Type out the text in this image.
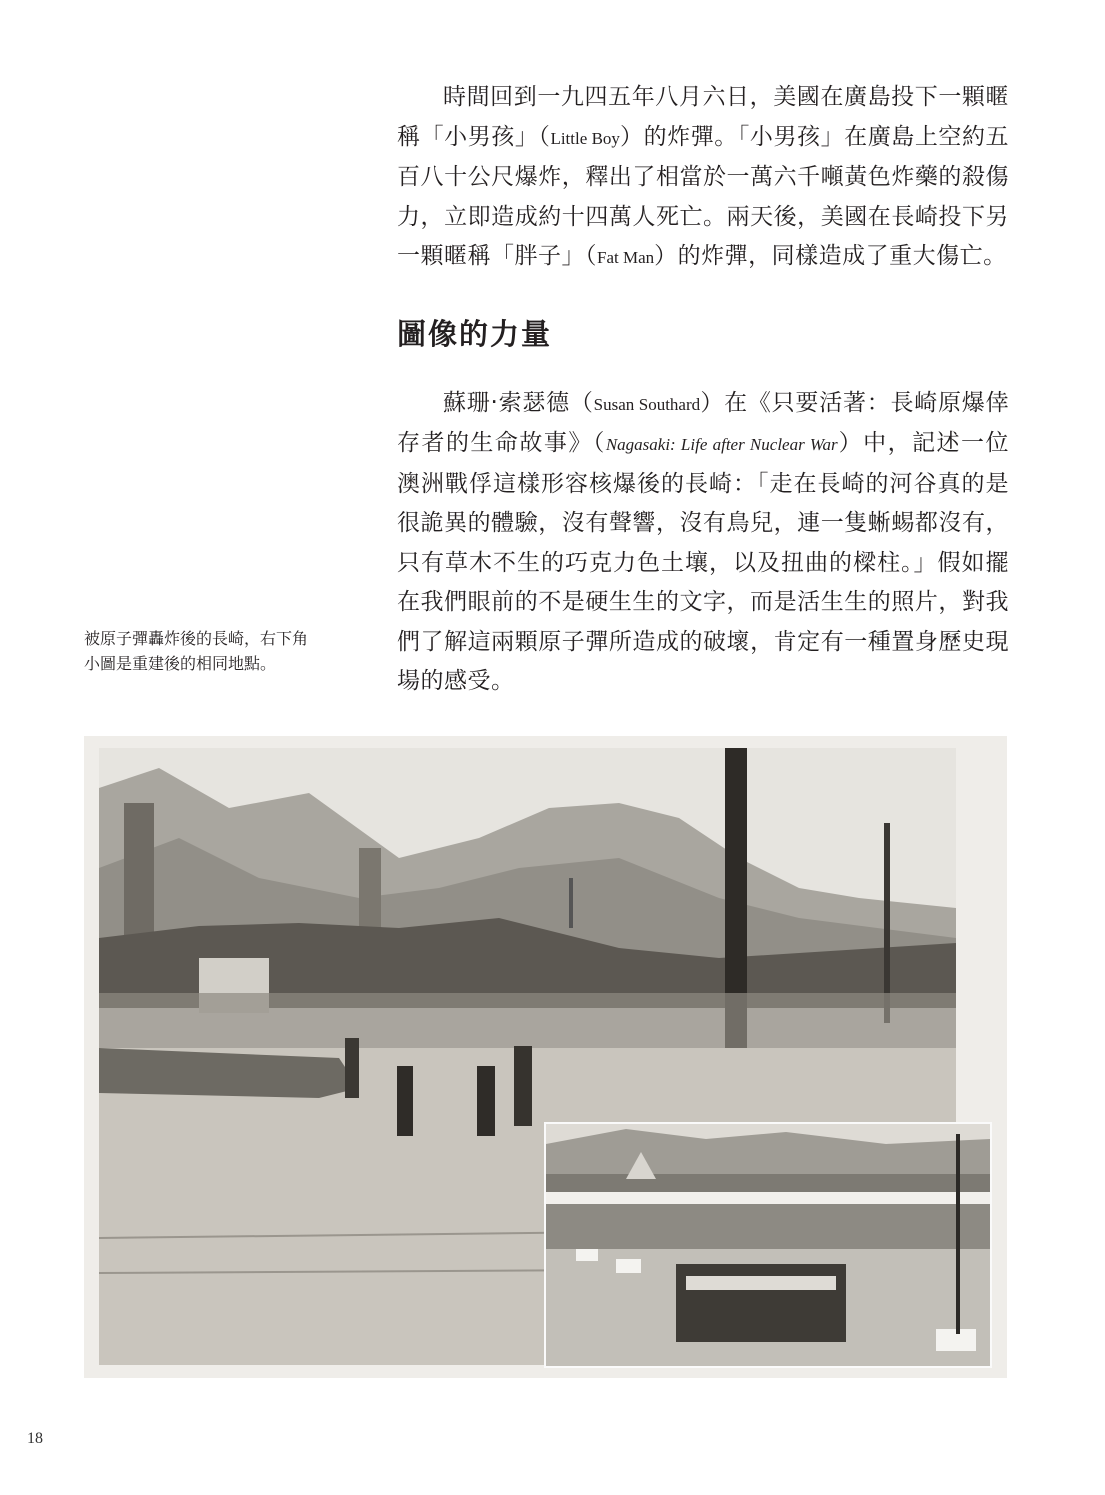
時間回到一九四五年八月六日，美國在廣島投下一顆暱稱「小男孩」（Little Boy）的炸彈。「小男孩」在廣島上空約五百八十公尺爆炸，釋出了相當於一萬六千噸黃色炸藥的殺傷力，立即造成約十四萬人死亡。兩天後，美國在長崎投下另一顆暱稱「胖子」（Fat Man）的炸彈，同樣造成了重大傷亡。

圖像的力量

蘇珊‧索瑟德（Susan Southard）在《只要活著：長崎原爆倖存者的生命故事》（Nagasaki: Life after Nuclear War）中，記述一位澳洲戰俘這樣形容核爆後的長崎：「走在長崎的河谷真的是很詭異的體驗，沒有聲響，沒有鳥兒，連一隻蜥蜴都沒有，只有草木不生的巧克力色土壤，以及扭曲的樑柱。」假如擺在我們眼前的不是硬生生的文字，而是活生生的照片，對我們了解這兩顆原子彈所造成的破壞，肯定有一種置身歷史現場的感受。

被原子彈轟炸後的長崎，右下角
小圖是重建後的相同地點。
18
